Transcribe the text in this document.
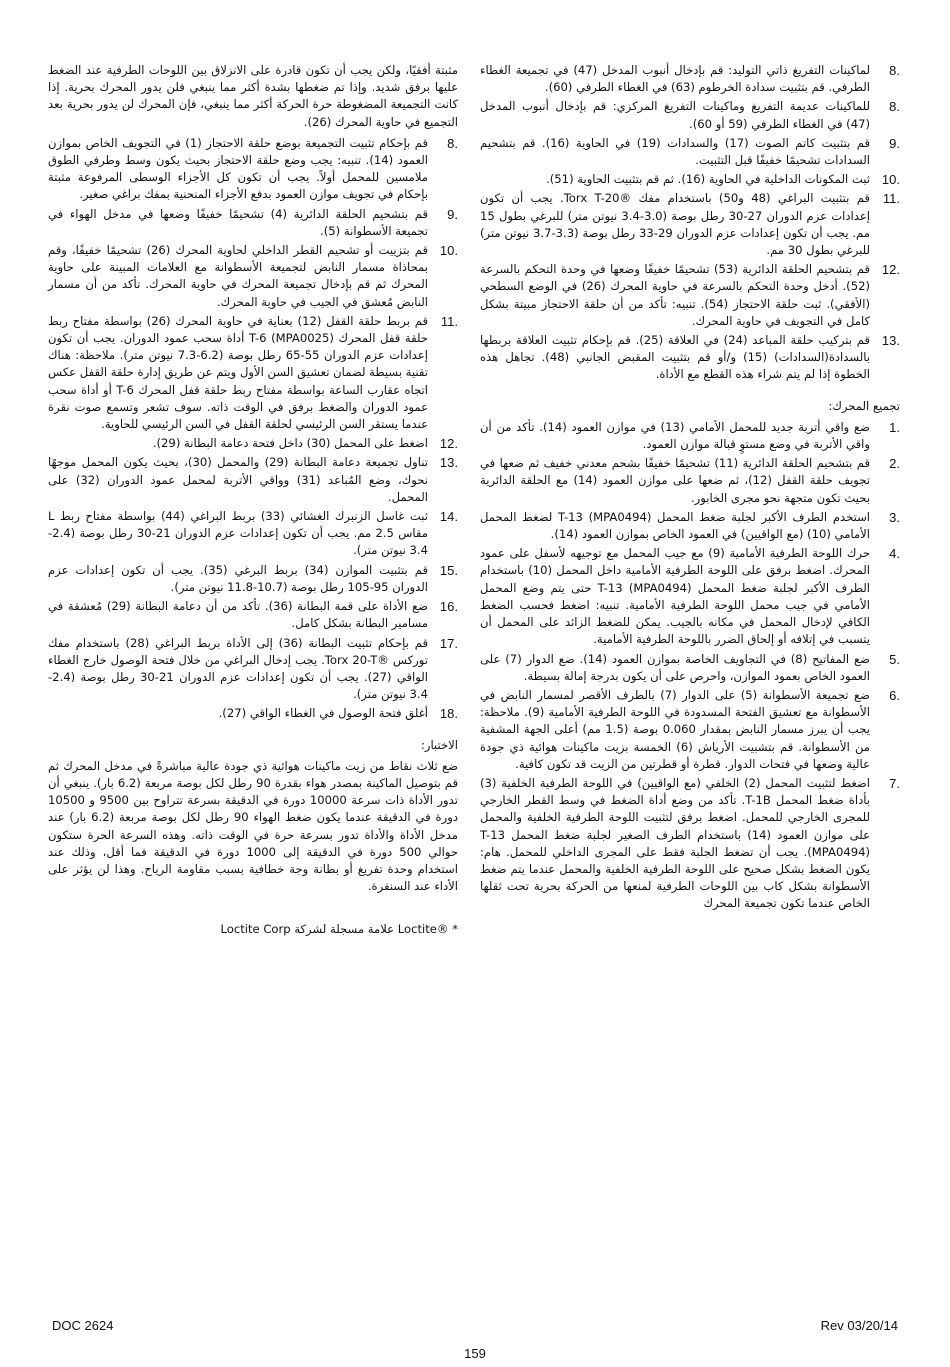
8.
لماكينات التفريغ ذاتي التوليد: قم بإدخال أنبوب المدخل (47) في تجميعة الغطاء الطرفي. قم بتثبيت سدادة الخرطوم (63) في الغطاء الطرفي (60).
8.
للماكينات عديمة التفريغ وماكينات التفريغ المركزي: قم بإدخال أنبوب المدخل (47) في الغطاء الطرفي (59 أو 60).
9.
قم بتثبيت كاتم الصوت (17) والسدادات (19) في الحاوية (16). قم بتشحيم السدادات تشحيمًا خفيفًا قبل التثبيت.
10.
ثبت المكونات الداخلية في الحاوية (16). ثم قم بتثبيت الحاوية (51).
11.
قم بتثبيت البراغي (48 و50) باستخدام مفك ®Torx T-20. يجب أن تكون إعدادات عزم الدوران 27-30 رطل بوصة (3.0-3.4 نيوتن متر) للبرغي بطول 15 مم. يجب أن تكون إعدادات عزم الدوران 29-33 رطل بوصة (3.3-3.7 نيوتن متر) للبرغي بطول 30 مم.
12.
قم بتشحيم الحلقة الدائرية (53) تشحيمًا خفيفًا وضعها في وحدة التحكم بالسرعة (52). أدخل وحدة التحكم بالسرعة في حاوية المحرك (26) في الوضع السطحي (الأفقي). ثبت حلقة الاحتجاز (54). تنبيه: تأكد من أن حلقة الاحتجاز مبيتة بشكل كامل في التجويف في حاوية المحرك.
13.
قم بتركيب حلقة المباعد (24) في العلاقة (25). قم بإحكام تثبيت العلاقة بربطها بالسدادة(السدادات) (15) و/أو قم بتثبيت المقبض الجانبي (48). تجاهل هذه الخطوة إذا لم يتم شراء هذه القطع مع الأداة.
تجميع المحرك:
1.
ضع واقي أتربة جديد للمحمل الأمامي (13) في موازن العمود (14). تأكد من أن واقي الأتربة في وضع مستوٍ قبالة موازن العمود.
2.
قم بتشحيم الحلقة الدائرية (11) تشحيمًا خفيفًا بشحم معدني خفيف ثم ضعها في تجويف حلقة القفل (12)، ثم ضعها على موازن العمود (14) مع الحلقة الدائرية بحيث تكون متجهة نحو مجرى الخابور.
3.
استخدم الطرف الأكبر لجلبة ضغط المحمل T-13 (MPA0494) لضغط المحمل الأمامي (10) (مع الواقيين) في العمود الخاص بموازن العمود (14).
4.
حرك اللوحة الطرفية الأمامية (9) مع جيب المحمل مع توجيهه لأسفل على عمود المحرك. اضغط برفق على اللوحة الطرفية الأمامية داخل المحمل (10) باستخدام الطرف الأكبر لجلبة ضغط المحمل T-13 (MPA0494) حتى يتم وضع المحمل الأمامي في جيب محمل اللوحة الطرفية الأمامية. تنبيه: اضغط فحسب الضغط الكافي لإدخال المحمل في مكانه بالجيب. يمكن للضغط الزائد على المحمل أن يتسبب في إتلافه أو إلحاق الضرر باللوحة الطرفية الأمامية.
5.
ضع المفاتيح (8) في التجاويف الخاصة بموازن العمود (14). ضع الدوار (7) على العمود الخاص بعمود الموازن، واحرص على أن يكون بدرجة إمالة بسيطة.
6.
ضع تجميعة الأسطوانة (5) على الدوار (7) بالطرف الأقصر لمسمار النابض في الأسطوانة مع تعشيق الفتحة المسدودة في اللوحة الطرفية الأمامية (9). ملاحظة: يجب أن يبرز مسمار النابض بمقدار 0.060 بوصة (1.5 مم) أعلى الجهة المشفية من الأسطوانة. قم بتشبيت الأرياش (6) الخمسة بزيت ماكينات هوائية ذي جودة عالية وضعها في فتحات الدوار. قطرة أو قطرتين من الزيت قد تكون كافية.
7.
اضغط لتثبيت المحمل (2) الخلفي (مع الواقيين) في اللوحة الطرفية الخلفية (3) بأداة ضغط المحمل T-1B. تأكد من وضع أداة الضغط في وسط القطر الخارجي للمجرى الخارجي للمحمل. اضغط برفق لتثبيت اللوحة الطرفية الخلفية والمحمل على موازن العمود (14) باستخدام الطرف الصغير لجلبة ضغط المحمل T-13 (MPA0494). يجب أن تضغط الجلبة فقط على المجرى الداخلي للمحمل. هام: يكون الضغط بشكل صحيح على اللوحة الطرفية الخلفية والمحمل عندما يتم ضغط الأسطوانة بشكل كاب بين اللوحات الطرفية لمنعها من الحركة بحرية تحت ثقلها الخاص عندما تكون تجميعة المحرك

مثبتة أفقيًا، ولكن يجب أن تكون قادرة على الانزلاق بين اللوحات الطرفية عند الضغط عليها برفق شديد. وإذا تم ضغطها بشدة أكثر مما ينبغي فلن يدور المحرك بحرية. إذا كانت التجميعة المضغوطة حرة الحركة أكثر مما ينبغي، فإن المحرك لن يدور بحرية بعد التجميع في حاوية المحرك (26).

8.
قم بإحكام تثبيت التجميعة بوضع حلقة الاحتجاز (1) في التجويف الخاص بموازن العمود (14). تنبيه: يجب وضع حلقة الاحتجاز بحيث يكون وسط وطرفي الطوق ملامسين للمحمل أولاً. يجب أن تكون كل الأجزاء الوسطى المرفوعة مثبتة بإحكام في تجويف موازن العمود بدفع الأجزاء المنحنية بمفك براغي صغير.
9.
قم بتشحيم الحلقة الدائرية (4) تشحيمًا خفيفًا وضعها في مدخل الهواء في تجميعة الأسطوانة (5).
10.
قم بتزييت أو تشحيم القطر الداخلي لحاوية المحرك (26) تشحيمًا خفيفًا، وقم بمحاذاة مسمار النابض لتجميعة الأسطوانة مع العلامات المبينة على حاوية المحرك ثم قم بإدخال تجميعة المحرك في حاوية المحرك. تأكد من أن مسمار النابض مُعشق في الجيب في حاوية المحرك.
11.
قم بربط حلقة القفل (12) بعناية في حاوية المحرك (26) بواسطة مفتاح ربط حلقة قفل المحرك T-6 (MPA0025) أداة سحب عمود الدوران. يجب أن تكون إعدادات عزم الدوران 55-65 رطل بوصة (6.2-7.3 نيوتن متر). ملاحظة: هناك تقنية بسيطة لضمان تعشيق السن الأول ويتم عن طريق إدارة حلقة القفل عكس اتجاه عقارب الساعة بواسطة مفتاح ربط حلقة قفل المحرك T-6 أو أداة سحب عمود الدوران والضغط برفق في الوقت ذاته. سوف تشعر وتسمع صوت نقرة عندما يستقر السن الرئيسي لحلقة القفل في السن الرئيسي للحاوية.
12.
اضغط على المحمل (30) داخل فتحة دعامة البطانة (29).
13.
تناول تجميعة دعامة البطانة (29) والمحمل (30)، بحيث يكون المحمل موجهًا نحوك، وضع المُباعد (31) وواقي الأتربة لمحمل عمود الدوران (32) على المحمل.
14.
ثبت غاسل الزنبرك الغشائي (33) بربط البراغي (44) بواسطة مفتاح ربط L مقاس 2.5 مم. يجب أن تكون إعدادات عزم الدوران 21-30 رطل بوصة (2.4-3.4 نيوتن متر).
15.
قم بتثبيت الموازن (34) بربط البرغي (35). يجب أن تكون إعدادات عزم الدوران 95-105 رطل بوصة (10.7-11.8 نيوتن متر).
16.
ضع الأداة على قمة البطانة (36). تأكد من أن دعامة البطانة (29) مُعشقة في مسامير البطانة بشكل كامل.
17.
قم بإحكام تثبيت البطانة (36) إلى الأداة بربط البراغي (28) باستخدام مفك توركس ®Torx 20-T. يجب إدخال البراغي من خلال فتحة الوصول خارج الغطاء الواقي (27). يجب أن تكون إعدادات عزم الدوران 21-30 رطل بوصة (2.4-3.4 نيوتن متر).
18.
أغلق فتحة الوصول في الغطاء الواقي (27).
الاختبار:

ضع ثلاث نقاط من زيت ماكينات هوائية ذي جودة عالية مباشرةً في مدخل المحرك ثم قم بتوصيل الماكينة بمصدر هواء بقدرة 90 رطل لكل بوصة مربعة (6.2 بار). ينبغي أن تدور الأداة ذات سرعة 10000 دورة في الدقيقة بسرعة تتراوح بين 9500 و 10500 دورة في الدقيقة عندما يكون ضغط الهواء 90 رطل لكل بوصة مربعة (6.2 بار) عند مدخل الأداة والأداة تدور بسرعة حرة في الوقت ذاته. وهذه السرعة الحرة ستكون حوالي 500 دورة في الدقيقة إلى 1000 دورة في الدقيقة فما أقل، وذلك عند استخدام وحدة تفريغ أو بطانة وجة خطافية بسبب مقاومة الرياح. وهذا لن يؤثر على الأداء عند السنفرة.

* ®Loctite علامة مسجلة لشركة Loctite Corp

DOC 2624	Rev 03/20/14
159
